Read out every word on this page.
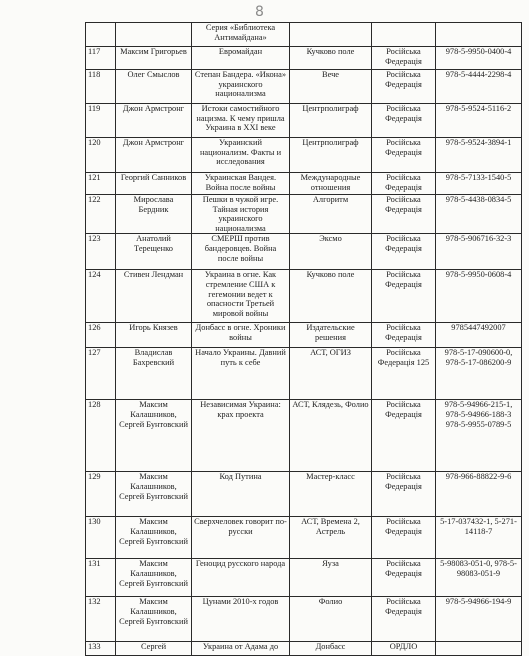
8
		Серия «Библиотека Антимайдана»			
117	Максим Григорьев	Евромайдан	Кучково поле	Російська Федерація	978-5-9950-0400-4
118	Олег Смыслов	Степан Бандера. «Икона» украинского национализма	Вече	Російська Федерація	978-5-4444-2298-4
119	Джон Армстронг	Истоки самостийного нацизма. К чему пришла Украина в XXI веке	Центрполиграф	Російська Федерація	978-5-9524-5116-2
120	Джон Армстронг	Украинский национализм. Факты и исследования	Центрполиграф	Російська Федерація	978-5-9524-3894-1
121	Георгий Санников	Украинская Вандея. Война после войны	Международные отношения	Російська Федерація	978-5-7133-1540-5
122	Мирослава Бердник	Пешки в чужой игре. Тайная история украинского национализма	Алгоритм	Російська Федерація	978-5-4438-0834-5
123	Анатолий Терещенко	СМЕРШ против бандеровцев. Война после войны	Эксмо	Російська Федерація	978-5-906716-32-3
124	Стивен Лендман	Украина в огне. Как стремление США к гегемонии ведет к опасности Третьей мировой войны	Кучково поле	Російська Федерація	978-5-9950-0608-4
126	Игорь Князев	Донбасс в огне. Хроники войны	Издательские решения	Російська Федерація	9785447492007
127	Владислав Бахревский	Начало Украины. Давний путь к себе	АСТ, ОГИЗ	Російська Федерація 125	978-5-17-090600-0, 978-5-17-086200-9
128	Максим Калашников, Сергей Бунтовский	Независимая Украина: крах проекта	АСТ, Клядезь, Фолио	Російська Федерація	978-5-94966-215-1, 978-5-94966-188-3 978-5-9955-0789-5
129	Максим Калашников, Сергей Бунтовский	Код Путина	Мастер-класс	Російська Федерація	978-966-88822-9-6
130	Максим Калашников, Сергей Бунтовский	Сверхчеловек говорит по-русски	АСТ, Времена 2, Астрель	Російська Федерація	5-17-037432-1, 5-271-14118-7
131	Максим Калашников, Сергей Бунтовский	Геноцид русского народа	Яуза	Російська Федерація	5-98083-051-0, 978-5-98083-051-9
132	Максим Калашников, Сергей Бунтовский	Цунами 2010-х годов	Фолио	Російська Федерація	978-5-94966-194-9
133	Сергей	Украина от Адама до	Донбасс	ОРДЛО	
